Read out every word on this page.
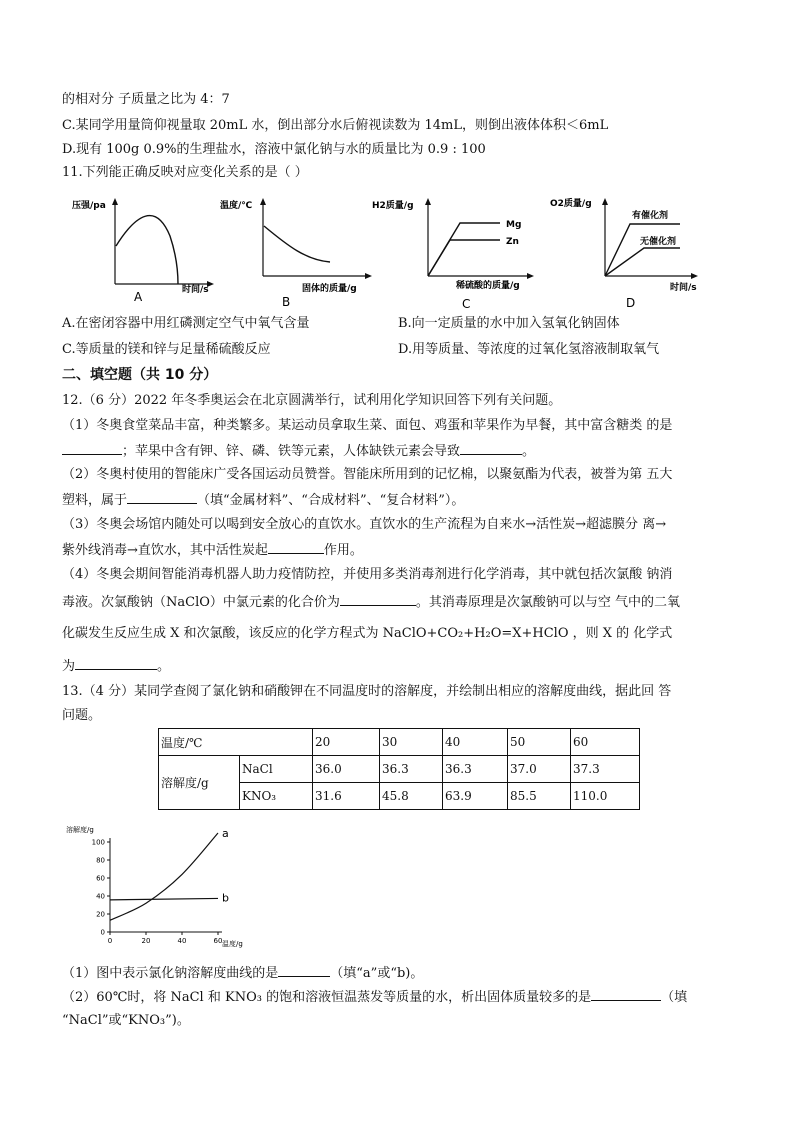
的相对分 子质量之比为 4：7
C.某同学用量筒仰视量取 20mL 水，倒出部分水后俯视读数为 14mL，则倒出液体体积＜6mL
D.现有 100g 0.9%的生理盐水，溶液中氯化钠与水的质量比为 0.9 : 100
11.下列能正确反映对应变化关系的是（ ）
压强/pa
时间/s
A
温度/℃
固体的质量/g
B
H2质量/g
Mg
Zn
稀硫酸的质量/g
C
O2质量/g
有催化剂
无催化剂
时间/s
D
A.在密闭容器中用红磷测定空气中氧气含量	B.向一定质量的水中加入氢氧化钠固体
C.等质量的镁和锌与足量稀硫酸反应	D.用等质量、等浓度的过氧化氢溶液制取氧气
二、填空题（共 10 分）
12.（6 分）2022 年冬季奥运会在北京圆满举行，试利用化学知识回答下列有关问题。
（1）冬奥食堂菜品丰富，种类繁多。某运动员拿取生菜、面包、鸡蛋和苹果作为早餐，其中富含糖类 的是
；苹果中含有钾、锌、磷、铁等元素，人体缺铁元素会导致	。
（2）冬奥村使用的智能床广受各国运动员赞誉。智能床所用到的记忆棉，以聚氨酯为代表，被誉为第 五大
塑料，属于	（填“金属材料”、“合成材料”、“复合材料”）。
（3）冬奥会场馆内随处可以喝到安全放心的直饮水。直饮水的生产流程为自来水→活性炭→超滤膜分 离→
紫外线消毒→直饮水，其中活性炭起	作用。
（4）冬奥会期间智能消毒机器人助力疫情防控，并使用多类消毒剂进行化学消毒，其中就包括次氯酸 钠消
毒液。次氯酸钠（NaClO）中氯元素的化合价为	。其消毒原理是次氯酸钠可以与空 气中的二氧
化碳发生反应生成 X 和次氯酸，该反应的化学方程式为 NaClO+CO₂+H₂O=X+HClO ，则 X 的 化学式
为	。
13.（4 分）某同学查阅了氯化钠和硝酸钾在不同温度时的溶解度，并绘制出相应的溶解度曲线，据此回 答
问题。
温度/℃		20	30	40	50	60
溶解度/g	NaCl	36.0	36.3	36.3	37.0	37.3
	KNO₃	31.6	45.8	63.9	85.5	110.0
溶解度/g
温度/g
0
20
40
60
80
100
0	20	40	60
a
b
（1）图中表示氯化钠溶解度曲线的是	（填“a”或“b)。
（2）60℃时，将 NaCl 和 KNO₃ 的饱和溶液恒温蒸发等质量的水，析出固体质量较多的是	（填
“NaCl”或“KNO₃”)。
